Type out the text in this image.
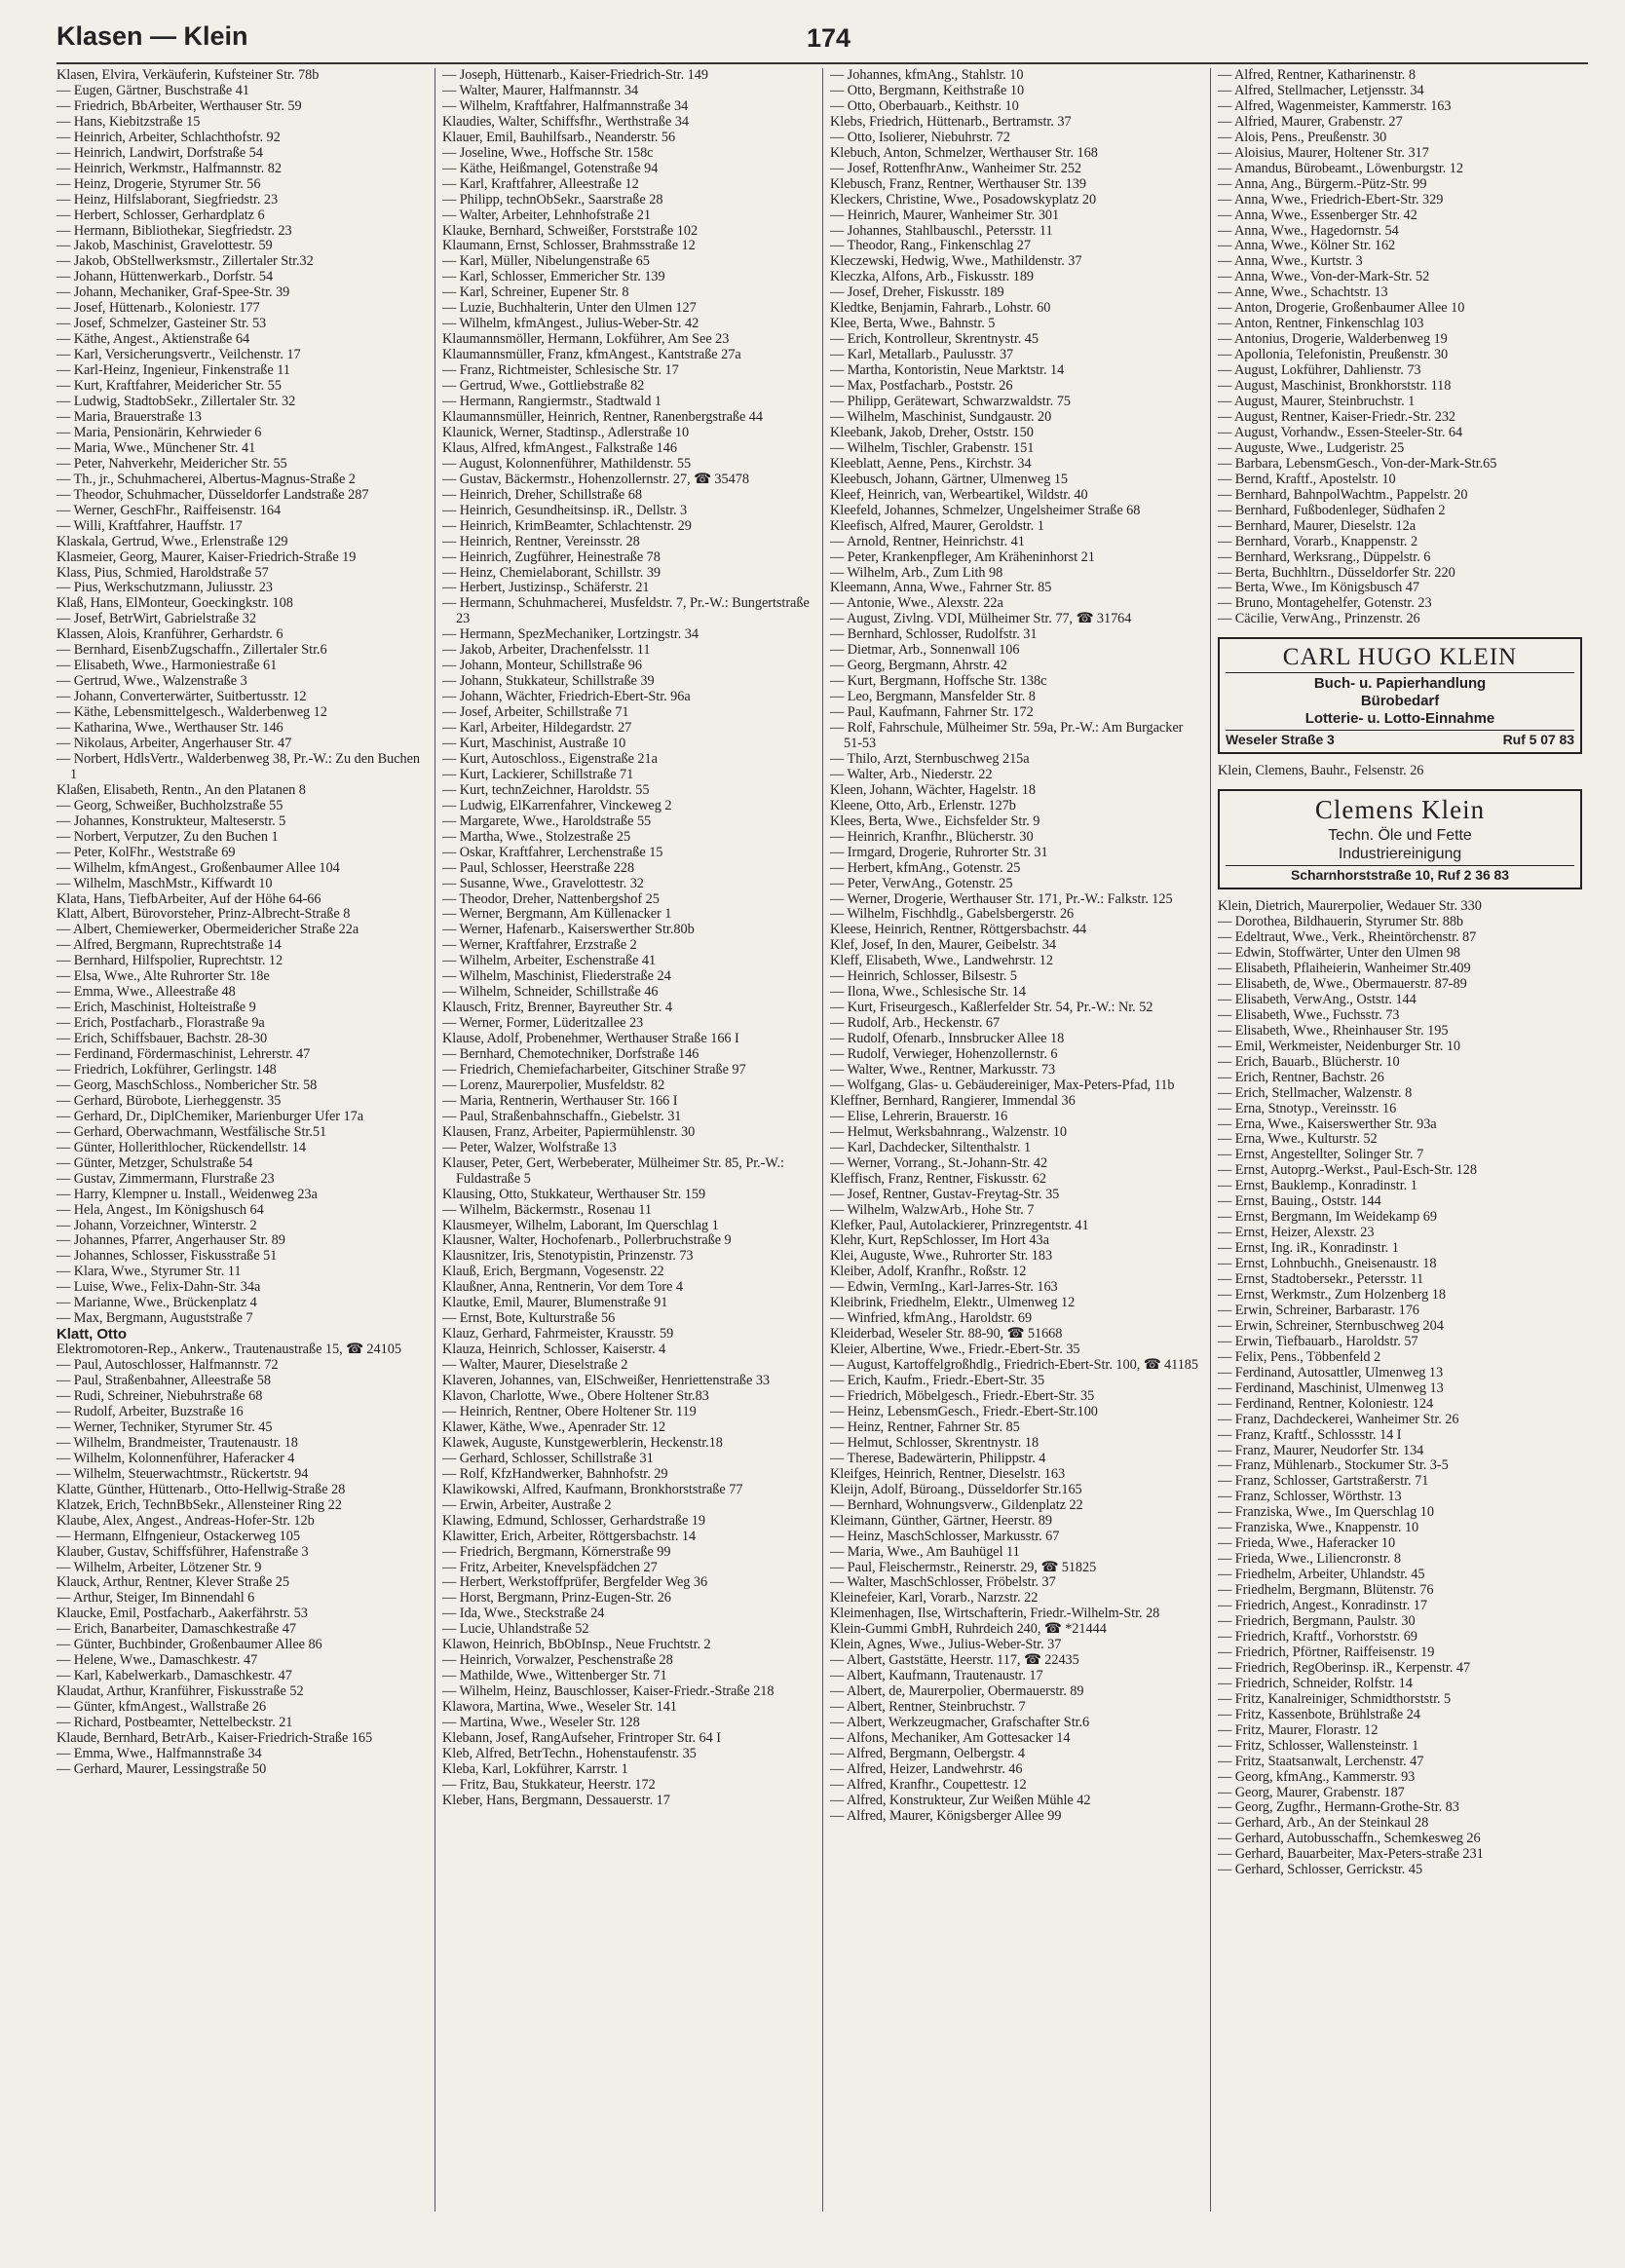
Klasen — Klein	174
Klasen, Elvira, Verkäuferin, Kufsteiner Str. 78b
— Eugen, Gärtner, Buschstraße 41
— Friedrich, BbArbeiter, Werthauser Str. 59
— Hans, Kiebitzstraße 15
— Heinrich, Arbeiter, Schlachthofstr. 92
— Heinrich, Landwirt, Dorfstraße 54
— Heinrich, Werkmstr., Halfmannstr. 82
— Heinz, Drogerie, Styrumer Str. 56
— Heinz, Hilfslaborant, Siegfriedstr. 23
— Herbert, Schlosser, Gerhardplatz 6
— Hermann, Bibliothekar, Siegfriedstr. 23
— Jakob, Maschinist, Gravelottestr. 59
— Jakob, ObStellwerksmstr., Zillertaler Str.32
— Johann, Hüttenwerkarb., Dorfstr. 54
— Johann, Mechaniker, Graf-Spee-Str. 39
— Josef, Hüttenarb., Koloniestr. 177
— Josef, Schmelzer, Gasteiner Str. 53
— Käthe, Angest., Aktienstraße 64
— Karl, Versicherungsvertr., Veilchenstr. 17
— Karl-Heinz, Ingenieur, Finkenstraße 11
— Kurt, Kraftfahrer, Meidericher Str. 55
— Ludwig, StadtobSekr., Zillertaler Str. 32
— Maria, Brauerstraße 13
— Maria, Pensionärin, Kehrwieder 6
— Maria, Wwe., Münchener Str. 41
— Peter, Nahverkehr, Meidericher Str. 55
— Th., jr., Schuhmacherei, Albertus-Magnus-Straße 2
— Theodor, Schuhmacher, Düsseldorfer Landstraße 287
— Werner, GeschFhr., Raiffeisenstr. 164
— Willi, Kraftfahrer, Hauffstr. 17
Klaskala, Gertrud, Wwe., Erlenstraße 129
Klasmeier, Georg, Maurer, Kaiser-Friedrich-Straße 19
Klass, Pius, Schmied, Haroldstraße 57
— Pius, Werkschutzmann, Juliusstr. 23
Klaß, Hans, ElMonteur, Goeckingkstr. 108
— Josef, BetrWirt, Gabrielstraße 32
Klassen, Alois, Kranführer, Gerhardstr. 6
— Bernhard, EisenbZugschaffn., Zillertaler Str.6
— Elisabeth, Wwe., Harmoniestraße 61
— Gertrud, Wwe., Walzenstraße 3
— Johann, Converterwärter, Suitbertusstr. 12
— Käthe, Lebensmittelgesch., Walderbenweg 12
— Katharina, Wwe., Werthauser Str. 146
— Nikolaus, Arbeiter, Angerhauser Str. 47
— Norbert, HdlsVertr., Walderbenweg 38, Pr.-W.: Zu den Buchen 1
Klaßen, Elisabeth, Rentn., An den Platanen 8
— Georg, Schweißer, Buchholzstraße 55
— Johannes, Konstrukteur, Malteserstr. 5
— Norbert, Verputzer, Zu den Buchen 1
— Peter, KolFhr., Weststraße 69
— Wilhelm, kfmAngest., Großenbaumer Allee 104
— Wilhelm, MaschMstr., Kiffwardt 10
Klata, Hans, TiefbArbeiter, Auf der Höhe 64-66
Klatt, Albert, Bürovorsteher, Prinz-Albrecht-Straße 8
— Albert, Chemiewerker, Obermeidericher Straße 22a
— Alfred, Bergmann, Ruprechtstraße 14
— Bernhard, Hilfspolier, Ruprechtstr. 12
— Elsa, Wwe., Alte Ruhrorter Str. 18e
— Emma, Wwe., Alleestraße 48
— Erich, Maschinist, Holteistraße 9
— Erich, Postfacharb., Florastraße 9a
— Erich, Schiffsbauer, Bachstr. 28-30
— Ferdinand, Fördermaschinist, Lehrerstr. 47
— Friedrich, Lokführer, Gerlingstr. 148
— Georg, MaschSchloss., Nombericher Str. 58
— Gerhard, Bürobote, Lierheggenstr. 35
— Gerhard, Dr., DiplChemiker, Marienburger Ufer 17a
— Gerhard, Oberwachmann, Westfälische Str.51
— Günter, Hollerithlocher, Rückendellstr. 14
— Günter, Metzger, Schulstraße 54
— Gustav, Zimmermann, Flurstraße 23
— Harry, Klempner u. Install., Weidenweg 23a
— Hela, Angest., Im Königshusch 64
— Johann, Vorzeichner, Winterstr. 2
— Johannes, Pfarrer, Angerhauser Str. 89
— Johannes, Schlosser, Fiskusstraße 51
— Klara, Wwe., Styrumer Str. 11
— Luise, Wwe., Felix-Dahn-Str. 34a
— Marianne, Wwe., Brückenplatz 4
— Max, Bergmann, Auguststraße 7
Klatt, Otto
Elektromotoren-Rep., Ankerw., Trautenaustraße 15, ☎ 24105
— Paul, Autoschlosser, Halfmannstr. 72
— Paul, Straßenbahner, Alleestraße 58
— Rudi, Schreiner, Niebuhrstraße 68
— Rudolf, Arbeiter, Buzstraße 16
— Werner, Techniker, Styrumer Str. 45
— Wilhelm, Brandmeister, Trautenaustr. 18
— Wilhelm, Kolonnenführer, Haferacker 4
— Wilhelm, Steuerwachtmstr., Rückertstr. 94
Klatte, Günther, Hüttenarb., Otto-Hellwig-Straße 28
Klatzek, Erich, TechnBbSekr., Allensteiner Ring 22
Klaube, Alex, Angest., Andreas-Hofer-Str. 12b
— Hermann, Elfngenieur, Ostackerweg 105
Klauber, Gustav, Schiffsführer, Hafenstraße 3
— Wilhelm, Arbeiter, Lötzener Str. 9
Klauck, Arthur, Rentner, Klever Straße 25
— Arthur, Steiger, Im Binnendahl 6
Klaucke, Emil, Postfacharb., Aakerfährstr. 53
— Erich, Banarbeiter, Damaschkestraße 47
— Günter, Buchbinder, Großenbaumer Allee 86
— Helene, Wwe., Damaschkestr. 47
— Karl, Kabelwerkarb., Damaschkestr. 47
Klaudat, Arthur, Kranführer, Fiskusstraße 52
— Günter, kfmAngest., Wallstraße 26
— Richard, Postbeamter, Nettelbeckstr. 21
Klaude, Bernhard, BetrArb., Kaiser-Friedrich-Straße 165
— Emma, Wwe., Halfmannstraße 34
— Gerhard, Maurer, Lessingstraße 50
— Joseph, Hüttenarb., Kaiser-Friedrich-Str. 149
— Walter, Maurer, Halfmannstr. 34
— Wilhelm, Kraftfahrer, Halfmannstraße 34
Klaudies, Walter, Schiffsfhr., Werthstraße 34
Klauer, Emil, Bauhilfsarb., Neanderstr. 56
— Joseline, Wwe., Hoffsche Str. 158c
— Käthe, Heißmangel, Gotenstraße 94
— Karl, Kraftfahrer, Alleestraße 12
— Philipp, technObSekr., Saarstraße 28
— Walter, Arbeiter, Lehnhofstraße 21
Klauke, Bernhard, Schweißer, Forststraße 102
Klaumann, Ernst, Schlosser, Brahmsstraße 12
— Karl, Müller, Nibelungenstraße 65
— Karl, Schlosser, Emmericher Str. 139
— Karl, Schreiner, Eupener Str. 8
— Luzie, Buchhalterin, Unter den Ulmen 127
— Wilhelm, kfmAngest., Julius-Weber-Str. 42
Klaumannsmöller, Hermann, Lokführer, Am See 23
Klaumannsmüller, Franz, kfmAngest., Kantstraße 27a
— Franz, Richtmeister, Schlesische Str. 17
— Gertrud, Wwe., Gottliebstraße 82
— Hermann, Rangiermstr., Stadtwald 1
Klaumannsmüller, Heinrich, Rentner, Ranenbergstraße 44
Klaunick, Werner, Stadtinsp., Adlerstraße 10
Klaus, Alfred, kfmAngest., Falkstraße 146
— August, Kolonnenführer, Mathildenstr. 55
— Gustav, Bäckermstr., Hohenzollernstr. 27, ☎ 35478
— Heinrich, Dreher, Schillstraße 68
— Heinrich, Gesundheitsinsp. iR., Dellstr. 3
— Heinrich, KrimBeamter, Schlachtenstr. 29
— Heinrich, Rentner, Vereinsstr. 28
— Heinrich, Zugführer, Heinestraße 78
— Heinz, Chemielaborant, Schillstr. 39
— Herbert, Justizinsp., Schäferstr. 21
— Hermann, Schuhmacherei, Musfeldstr. 7, Pr.-W.: Bungertstraße 23
— Hermann, SpezMechaniker, Lortzingstr. 34
— Jakob, Arbeiter, Drachenfelsstr. 11
— Johann, Monteur, Schillstraße 96
— Johann, Stukkateur, Schillstraße 39
— Johann, Wächter, Friedrich-Ebert-Str. 96a
— Josef, Arbeiter, Schillstraße 71
— Karl, Arbeiter, Hildegardstr. 27
— Kurt, Maschinist, Austraße 10
— Kurt, Autoschloss., Eigenstraße 21a
— Kurt, Lackierer, Schillstraße 71
— Kurt, technZeichner, Haroldstr. 55
— Ludwig, ElKarrenfahrer, Vinckeweg 2
— Margarete, Wwe., Haroldstraße 55
— Martha, Wwe., Stolzestraße 25
— Oskar, Kraftfahrer, Lerchenstraße 15
— Paul, Schlosser, Heerstraße 228
— Susanne, Wwe., Gravelottestr. 32
— Theodor, Dreher, Nattenbergshof 25
— Werner, Bergmann, Am Küllenacker 1
— Werner, Hafenarb., Kaiserswerther Str.80b
— Werner, Kraftfahrer, Erzstraße 2
— Wilhelm, Arbeiter, Eschenstraße 41
— Wilhelm, Maschinist, Fliederstraße 24
— Wilhelm, Schneider, Schillstraße 46
Klausch, Fritz, Brenner, Bayreuther Str. 4
— Werner, Former, Lüderitzallee 23
Klause, Adolf, Probenehmer, Werthauser Straße 166 I
— Bernhard, Chemotechniker, Dorfstraße 146
— Friedrich, Chemiefacharbeiter, Gitschiner Straße 97
— Lorenz, Maurerpolier, Musfeldstr. 82
— Maria, Rentnerin, Werthauser Str. 166 I
— Paul, Straßenbahnschaffn., Giebelstr. 31
Klausen, Franz, Arbeiter, Papiermühlenstr. 30
— Peter, Walzer, Wolfstraße 13
Klauser, Peter, Gert, Werbeberater, Mülheimer Str. 85, Pr.-W.: Fuldastraße 5
Klausing, Otto, Stukkateur, Werthauser Str. 159
— Wilhelm, Bäckermstr., Rosenau 11
Klausmeyer, Wilhelm, Laborant, Im Querschlag 1
Klausner, Walter, Hochofenarb., Pollerbruchstraße 9
Klausnitzer, Iris, Stenotypistin, Prinzenstr. 73
Klauß, Erich, Bergmann, Vogesenstr. 22
Klaußner, Anna, Rentnerin, Vor dem Tore 4
Klautke, Emil, Maurer, Blumenstraße 91
— Ernst, Bote, Kulturstraße 56
Klauz, Gerhard, Fahrmeister, Kraus​str. 59
Klauza, Heinrich, Schlosser, Kaiserstr. 4
— Walter, Maurer, Dieselstraße 2
Klaveren, Johannes, van, ElSchweißer, Henriettenstraße 33
Klavon, Charlotte, Wwe., Obere Holtener Str.83
— Heinrich, Rentner, Obere Holtener Str. 119
Klawer, Käthe, Wwe., Apenrader Str. 12
Klawek, Auguste, Kunstgewerblerin, Heckenstr.18
— Gerhard, Schlosser, Schillstraße 31
— Rolf, KfzHandwerker, Bahnhofstr. 29
Klawikowski, Alfred, Kaufmann, Bronkhorststraße 77
— Erwin, Arbeiter, Austraße 2
Klawing, Edmund, Schlosser, Gerhardstraße 19
Klawitter, Erich, Arbeiter, Röttgersbachstr. 14
— Friedrich, Bergmann, Körnerstraße 99
— Fritz, Arbeiter, Knevelspfädchen 27
— Herbert, Werkstoffprüfer, Bergfelder Weg 36
— Horst, Bergmann, Prinz-Eugen-Str. 26
— Ida, Wwe., Steckstraße 24
— Lucie, Uhlandstraße 52
Klawon, Heinrich, BbObInsp., Neue Fruchtstr. 2
— Heinrich, Vorwalzer, Peschenstraße 28
— Mathilde, Wwe., Wittenberger Str. 71
— Wilhelm, Heinz, Bauschlosser, Kaiser-Friedr.-Straße 218
Klawora, Martina, Wwe., Weseler Str. 141
— Martina, Wwe., Weseler Str. 128
Klebann, Josef, RangAufseher, Frintroper Str. 64 I
Kleb, Alfred, BetrTechn., Hohenstaufenstr. 35
Kleba, Karl, Lokführer, Karrstr. 1
— Fritz, Bau, Stukkateur, Heerstr. 172
Kleber, Hans, Bergmann, Dessauerstr. 17
— Johannes, kfmAng., Stahlstr. 10
— Otto, Bergmann, Keithstraße 10
— Otto, Oberbauarb., Keithstr. 10
Klebs, Friedrich, Hüttenarb., Bertramstr. 37
— Otto, Isolierer, Niebuhrstr. 72
Klebuch, Anton, Schmelzer, Werthauser Str. 168
— Josef, RottenfhrAnw., Wanheimer Str. 252
Klebusch, Franz, Rentner, Werthauser Str. 139
Kleckers, Christine, Wwe., Posadowskyplatz 20
— Heinrich, Maurer, Wanheimer Str. 301
— Johannes, Stahlbauschl., Petersstr. 11
— Theodor, Rang., Finkenschlag 27
Kleczewski, Hedwig, Wwe., Mathildenstr. 37
Kleczka, Alfons, Arb., Fiskusstr. 189
— Josef, Dreher, Fiskusstr. 189
Kledtke, Benjamin, Fahrarb., Lohstr. 60
Klee, Berta, Wwe., Bahnstr. 5
— Erich, Kontrolleur, Skrentnystr. 45
— Karl, Metallarb., Paulusstr. 37
— Martha, Kontoristin, Neue Marktstr. 14
— Max, Postfacharb., Poststr. 26
— Philipp, Gerätewart, Schwarzwaldstr. 75
— Wilhelm, Maschinist, Sundgaustr. 20
Kleebank, Jakob, Dreher, Oststr. 150
— Wilhelm, Tischler, Grabenstr. 151
Kleeblatt, Aenne, Pens., Kirchstr. 34
Kleebusch, Johann, Gärtner, Ulmenweg 15
Kleef, Heinrich, van, Werbeartikel, Wildstr. 40
Kleefeld, Johannes, Schmelzer, Ungelsheimer Straße 68
Kleefisch, Alfred, Maurer, Geroldstr. 1
— Arnold, Rentner, Heinrichstr. 41
— Peter, Krankenpfleger, Am Kräheninhorst 21
— Wilhelm, Arb., Zum Lith 98
Kleemann, Anna, Wwe., Fahrner Str. 85
— Antonie, Wwe., Alexstr. 22a
— August, Zivlng. VDI, Mülheimer Str. 77, ☎ 31764
— Bernhard, Schlosser, Rudolfstr. 31
— Dietmar, Arb., Sonnenwall 106
— Georg, Bergmann, Ahrstr. 42
— Kurt, Bergmann, Hoffsche Str. 138c
— Leo, Bergmann, Mansfelder Str. 8
— Paul, Kaufmann, Fahrner Str. 172
— Rolf, Fahrschule, Mülheimer Str. 59a, Pr.-W.: Am Burgacker 51-53
— Thilo, Arzt, Sternbuschweg 215a
— Walter, Arb., Niederstr. 22
Kleen, Johann, Wächter, Hagelstr. 18
Kleene, Otto, Arb., Erlenstr. 127b
Klees, Berta, Wwe., Eichsfelder Str. 9
— Heinrich, Kranfhr., Blücherstr. 30
— Irmgard, Drogerie, Ruhrorter Str. 31
— Herbert, kfmAng., Gotenstr. 25
— Peter, VerwAng., Gotenstr. 25
— Werner, Drogerie, Werthauser Str. 171, Pr.-W.: Falkstr. 125
— Wilhelm, Fischhdlg., Gabelsbergerstr. 26
Kleese, Heinrich, Rentner, Röttgersbachstr. 44
Klef, Josef, In den, Maurer, Geibelstr. 34
Kleff, Elisabeth, Wwe., Landwehrstr. 12
— Heinrich, Schlosser, Bilsestr. 5
— Ilona, Wwe., Schlesische Str. 14
— Kurt, Friseurgesch., Kaßlerfelder Str. 54, Pr.-W.: Nr. 52
— Rudolf, Arb., Heckenstr. 67
— Rudolf, Ofenarb., Innsbrucker Allee 18
— Rudolf, Verwieger, Hohenzollernstr. 6
— Walter, Wwe., Rentner, Markusstr. 73
— Wolfgang, Glas- u. Gebäudereiniger, Max-Peters-Pfad, 11b
Kleffner, Bernhard, Rangierer, Immendal 36
— Elise, Lehrerin, Brauerstr. 16
— Helmut, Werksbahnrang., Walzenstr. 10
— Karl, Dachdecker, Siltenthalstr. 1
— Werner, Vorrang., St.-Johann-Str. 42
Kleffisch, Franz, Rentner, Fiskusstr. 62
— Josef, Rentner, Gustav-Freytag-Str. 35
— Wilhelm, WalzwArb., Hohe Str. 7
Klefker, Paul, Autolackierer, Prinzregentstr. 41
Klehr, Kurt, RepSchlosser, Im Hort 43a
Klei, Auguste, Wwe., Ruhrorter Str. 183
Kleiber, Adolf, Kranfhr., Roßstr. 12
— Edwin, VermIng., Karl-Jarres-Str. 163
Kleibrink, Friedhelm, Elektr., Ulmenweg 12
— Winfried, kfmAng., Haroldstr. 69
Kleiderbad, Weseler Str. 88-90, ☎ 51668
Kleier, Albertine, Wwe., Friedr.-Ebert-Str. 35
— August, Kartoffelgroßhdlg., Friedrich-Ebert-Str. 100, ☎ 41185
— Erich, Kaufm., Friedr.-Ebert-Str. 35
— Friedrich, Möbelgesch., Friedr.-Ebert-Str. 35
— Heinz, LebensmGesch., Friedr.-Ebert-Str.100
— Heinz, Rentner, Fahrner Str. 85
— Helmut, Schlosser, Skrentnystr. 18
— Therese, Badewärterin, Philippstr. 4
Kleifges, Heinrich, Rentner, Dieselstr. 163
Kleijn, Adolf, Büroang., Düsseldorfer Str.165
— Bernhard, Wohnungsverw., Gildenplatz 22
Kleimann, Günther, Gärtner, Heerstr. 89
— Heinz, MaschSchlosser, Markusstr. 67
— Maria, Wwe., Am Bauhügel 11
— Paul, Fleischermstr., Reinerstr. 29, ☎ 51825
— Walter, MaschSchlosser, Fröbelstr. 37
Kleinefeier, Karl, Vorarb., Narzstr. 22
Kleimenhagen, Ilse, Wirtschafterin, Friedr.-Wilhelm-Str. 28
Klein-Gummi GmbH, Ruhrdeich 240, ☎ *21444
Klein, Agnes, Wwe., Julius-Weber-Str. 37
— Albert, Gaststätte, Heerstr. 117, ☎ 22435
— Albert, Kaufmann, Trautenaustr. 17
— Albert, de, Maurerpolier, Obermauerstr. 89
— Albert, Rentner, Steinbruchstr. 7
— Albert, Werkzeugmacher, Grafschafter Str.6
— Alfons, Mechaniker, Am Gottesacker 14
— Alfred, Bergmann, Oelbergstr. 4
— Alfred, Heizer, Landwehrstr. 46
— Alfred, Kranfhr., Coupettestr. 12
— Alfred, Konstrukteur, Zur Weißen Mühle 42
— Alfred, Maurer, Königsberger Allee 99
— Alfred, Rentner, Katharinenstr. 8
— Alfred, Stellmacher, Letjensstr. 34
— Alfred, Wagenmeister, Kammerstr. 163
— Alfried, Maurer, Grabenstr. 27
— Alois, Pens., Preußenstr. 30
— Aloisius, Maurer, Holtener Str. 317
— Amandus, Bürobeamt., Löwenburgstr. 12
— Anna, Ang., Bürgerm.-Pütz-Str. 99
— Anna, Wwe., Friedrich-Ebert-Str. 329
— Anna, Wwe., Essenberger Str. 42
— Anna, Wwe., Hagedornstr. 54
— Anna, Wwe., Kölner Str. 162
— Anna, Wwe., Kurtstr. 3
— Anna, Wwe., Von-der-Mark-Str. 52
— Anne, Wwe., Schachtstr. 13
— Anton, Drogerie, Großenbaumer Allee 10
— Anton, Rentner, Finkenschlag 103
— Antonius, Drogerie, Walderbenweg 19
— Apollonia, Telefonistin, Preußenstr. 30
— August, Lokführer, Dahlienstr. 73
— August, Maschinist, Bronkhorststr. 118
— August, Maurer, Steinbruchstr. 1
— August, Rentner, Kaiser-Friedr.-Str. 232
— August, Vorhandw., Essen-Steeler-Str. 64
— Auguste, Wwe., Ludgeristr. 25
— Barbara, LebensmGesch., Von-der-Mark-Str.65
— Bernd, Kraftf., Apostelstr. 10
— Bernhard, BahnpolWachtm., Pappelstr. 20
— Bernhard, Fußbodenleger, Südhafen 2
— Bernhard, Maurer, Dieselstr. 12a
— Bernhard, Vorarb., Knappenstr. 2
— Bernhard, Werksrang., Düppelstr. 6
— Berta, Buchhltrn., Düsseldorfer Str. 220
— Berta, Wwe., Im Königsbusch 47
— Bruno, Montagehelfer, Gotenstr. 23
— Cäcilie, VerwAng., Prinzenstr. 26
CARL HUGO KLEIN
Buch- u. Papierhandlung
Bürobedarf
Lotterie- u. Lotto-Einnahme
Weseler Straße 3	Ruf 5 07 83
Klein, Clemens, Bauhr., Felsenstr. 26
Clemens Klein
Techn. Öle und Fette
Industriereinigung
Scharnhorststraße 10, Ruf 2 36 83
Klein, Dietrich, Maurerpolier, Wedauer Str. 330
— Dorothea, Bildhauerin, Styrumer Str. 88b
— Edeltraut, Wwe., Verk., Rheintörchenstr. 87
— Edwin, Stoffwärter, Unter den Ulmen 98
— Elisabeth, Pflaiheierin, Wanheimer Str.409
— Elisabeth, de, Wwe., Obermauerstr. 87-89
— Elisabeth, VerwAng., Oststr. 144
— Elisabeth, Wwe., Fuchsstr. 73
— Elisabeth, Wwe., Rheinhauser Str. 195
— Emil, Werkmeister, Neidenburger Str. 10
— Erich, Bauarb., Blücherstr. 10
— Erich, Rentner, Bachstr. 26
— Erich, Stellmacher, Walzenstr. 8
— Erna, Stnotyp., Vereinsstr. 16
— Erna, Wwe., Kaiserswerther Str. 93a
— Erna, Wwe., Kulturstr. 52
— Ernst, Angestellter, Solinger Str. 7
— Ernst, Autoprg.-Werkst., Paul-Esch-Str. 128
— Ernst, Bauklemp., Konradinstr. 1
— Ernst, Bauing., Oststr. 144
— Ernst, Bergmann, Im Weidekamp 69
— Ernst, Heizer, Alexstr. 23
— Ernst, Ing. iR., Konradinstr. 1
— Ernst, Lohnbuchh., Gneisenaustr. 18
— Ernst, Stadtobersekr., Petersstr. 11
— Ernst, Werkmstr., Zum Holzenberg 18
— Erwin, Schreiner, Barbarastr. 176
— Erwin, Schreiner, Sternbuschweg 204
— Erwin, Tiefbauarb., Haroldstr. 57
— Felix, Pens., Többenfeld 2
— Ferdinand, Autosattler, Ulmenweg 13
— Ferdinand, Maschinist, Ulmenweg 13
— Ferdinand, Rentner, Koloniestr. 124
— Franz, Dachdeckerei, Wanheimer Str. 26
— Franz, Kraftf., Schlossstr. 14 I
— Franz, Maurer, Neudorfer Str. 134
— Franz, Mühlenarb., Stockumer Str. 3-5
— Franz, Schlosser, Gartstraßerstr. 71
— Franz, Schlosser, Wörthstr. 13
— Franziska, Wwe., Im Querschlag 10
— Franziska, Wwe., Knappenstr. 10
— Frieda, Wwe., Haferacker 10
— Frieda, Wwe., Liliencronstr. 8
— Friedhelm, Arbeiter, Uhlandstr. 45
— Friedhelm, Bergmann, Blütenstr. 76
— Friedrich, Angest., Konradinstr. 17
— Friedrich, Bergmann, Paulstr. 30
— Friedrich, Kraftf., Vorhorststr. 69
— Friedrich, Pförtner, Raiffeisenstr. 19
— Friedrich, RegOberinsp. iR., Kerpenstr. 47
— Friedrich, Schneider, Rolfstr. 14
— Fritz, Kanalreiniger, Schmidthorststr. 5
— Fritz, Kassenbote, Brühlstraße 24
— Fritz, Maurer, Florastr. 12
— Fritz, Schlosser, Wallensteinstr. 1
— Fritz, Staatsanwalt, Lerchenstr. 47
— Georg, kfmAng., Kammerstr. 93
— Georg, Maurer, Grabenstr. 187
— Georg, Zugfhr., Hermann-Grothe-Str. 83
— Gerhard, Arb., An der Steinkaul 28
— Gerhard, Autobusschaffn., Schemkesweg 26
— Gerhard, Bauarbeiter, Max-Peters-straße 231
— Gerhard, Schlosser, Gerrickstr. 45
